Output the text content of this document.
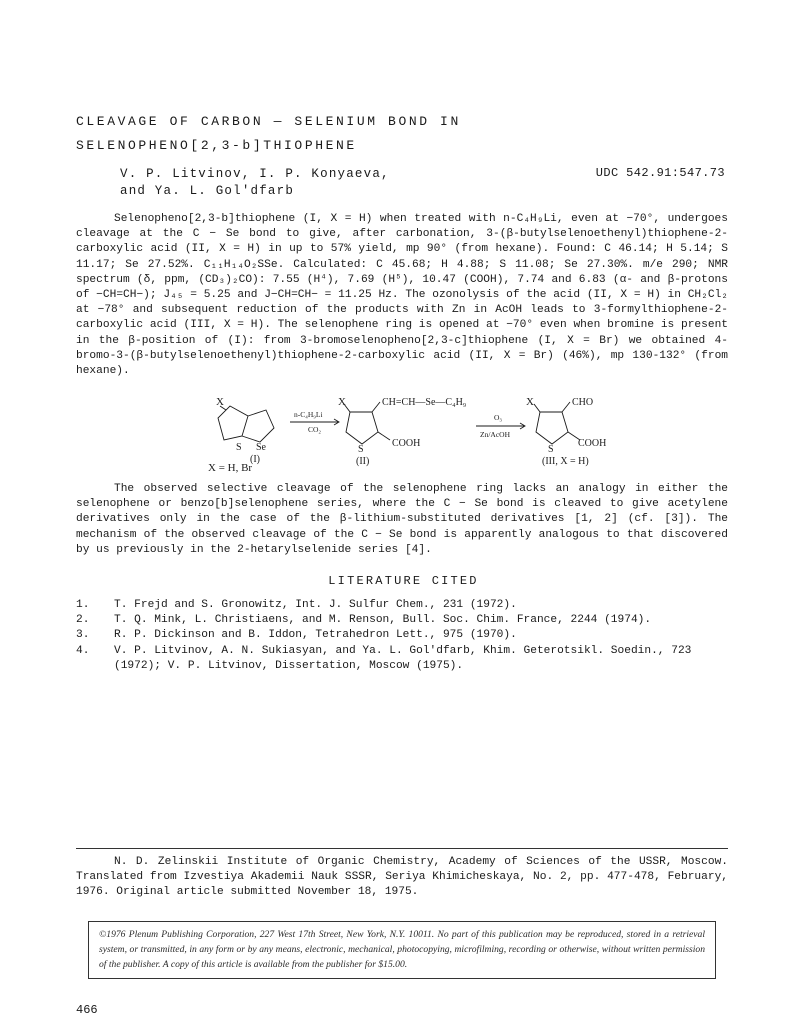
CLEAVAGE OF CARBON — SELENIUM BOND IN
SELENOPHENO[2,3-b]THIOPHENE
V. P. Litvinov, I. P. Konyaeva,
and Ya. L. Gol'dfarb
UDC 542.91:547.73

Selenopheno[2,3-b]thiophene (I, X = H) when treated with n-C₄H₉Li, even at −70°, undergoes cleavage at the C − Se bond to give, after carbonation, 3-(β-butylselenoethenyl)thiophene-2-carboxylic acid (II, X = H) in up to 57% yield, mp 90° (from hexane). Found: C 46.14; H 5.14; S 11.17; Se 27.52%. C₁₁H₁₄O₂SSe. Calculated: C 45.68; H 4.88; S 11.08; Se 27.30%. m/e 290; NMR spectrum (δ, ppm, (CD₃)₂CO): 7.55 (H⁴), 7.69 (H⁵), 10.47 (COOH), 7.74 and 6.83 (α- and β-protons of −CH=CH−); J₄₅ = 5.25 and J−CH=CH− = 11.25 Hz. The ozonolysis of the acid (II, X = H) in CH₂Cl₂ at −78° and subsequent reduction of the products with Zn in AcOH leads to 3-formylthiophene-2-carboxylic acid (III, X = H). The selenophene ring is opened at −70° even when bromine is present in the β-position of (I): from 3-bromoselenopheno[2,3-c]thiophene (I, X = Br) we obtained 4-bromo-3-(β-butylselenoethenyl)thiophene-2-carboxylic acid (II, X = Br) (46%), mp 130-132° (from hexane).

X
S Se
(I)
n-C₄H₉Li
CO₂
X	CH=CH—Se—C₄H₉
S
COOH
(II)
O₃
Zn/AcOH
X	CHO
S
COOH
(III, X = H)
X = H, Br

The observed selective cleavage of the selenophene ring lacks an analogy in either the selenophene or benzo[b]selenophene series, where the C − Se bond is cleaved to give acetylene derivatives only in the case of the β-lithium-substituted derivatives [1, 2] (cf. [3]). The mechanism of the observed cleavage of the C − Se bond is apparently analogous to that discovered by us previously in the 2-hetarylselenide series [4].

LITERATURE CITED
1.	T. Frejd and S. Gronowitz, Int. J. Sulfur Chem., 231 (1972).
2.	T. Q. Mink, L. Christiaens, and M. Renson, Bull. Soc. Chim. France, 2244 (1974).
3.	R. P. Dickinson and B. Iddon, Tetrahedron Lett., 975 (1970).
4.	V. P. Litvinov, A. N. Sukiasyan, and Ya. L. Gol'dfarb, Khim. Geterotsikl. Soedin., 723 (1972); V. P. Litvinov, Dissertation, Moscow (1975).

N. D. Zelinskii Institute of Organic Chemistry, Academy of Sciences of the USSR, Moscow. Translated from Izvestiya Akademii Nauk SSSR, Seriya Khimicheskaya, No. 2, pp. 477-478, February, 1976. Original article submitted November 18, 1975.

©1976 Plenum Publishing Corporation, 227 West 17th Street, New York, N.Y. 10011. No part of this publication may be reproduced, stored in a retrieval system, or transmitted, in any form or by any means, electronic, mechanical, photocopying, microfilming, recording or otherwise, without written permission of the publisher. A copy of this article is available from the publisher for $15.00.
466
